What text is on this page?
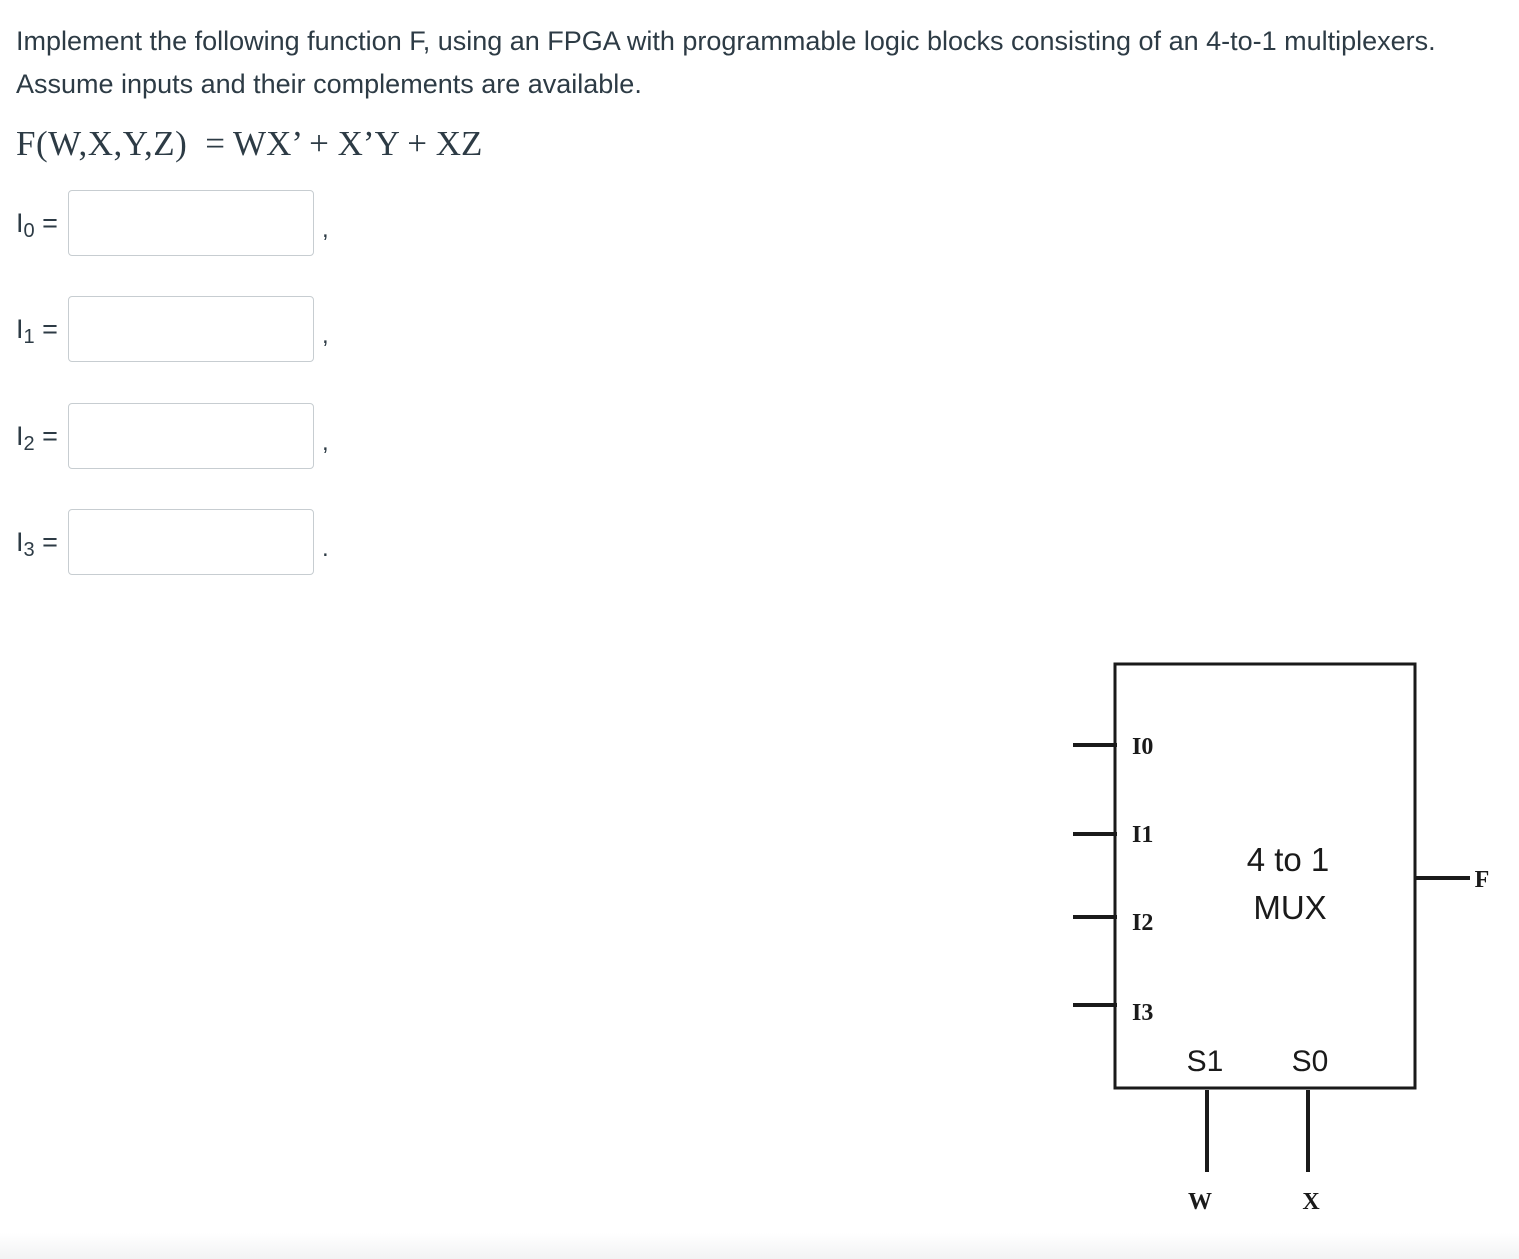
Implement the following function F, using an FPGA with programmable logic blocks consisting of an 4-to-1 multiplexers. Assume inputs and their complements are available.
F(W,X,Y,Z) = WX’ + X’Y + XZ
$I_0$ =	,
$I_1$ =	,
$I_2$ =	,
$I_3$ =	.
I0
I1
I2
I3
4 to 1
MUX
S1 S0
W	X
F
